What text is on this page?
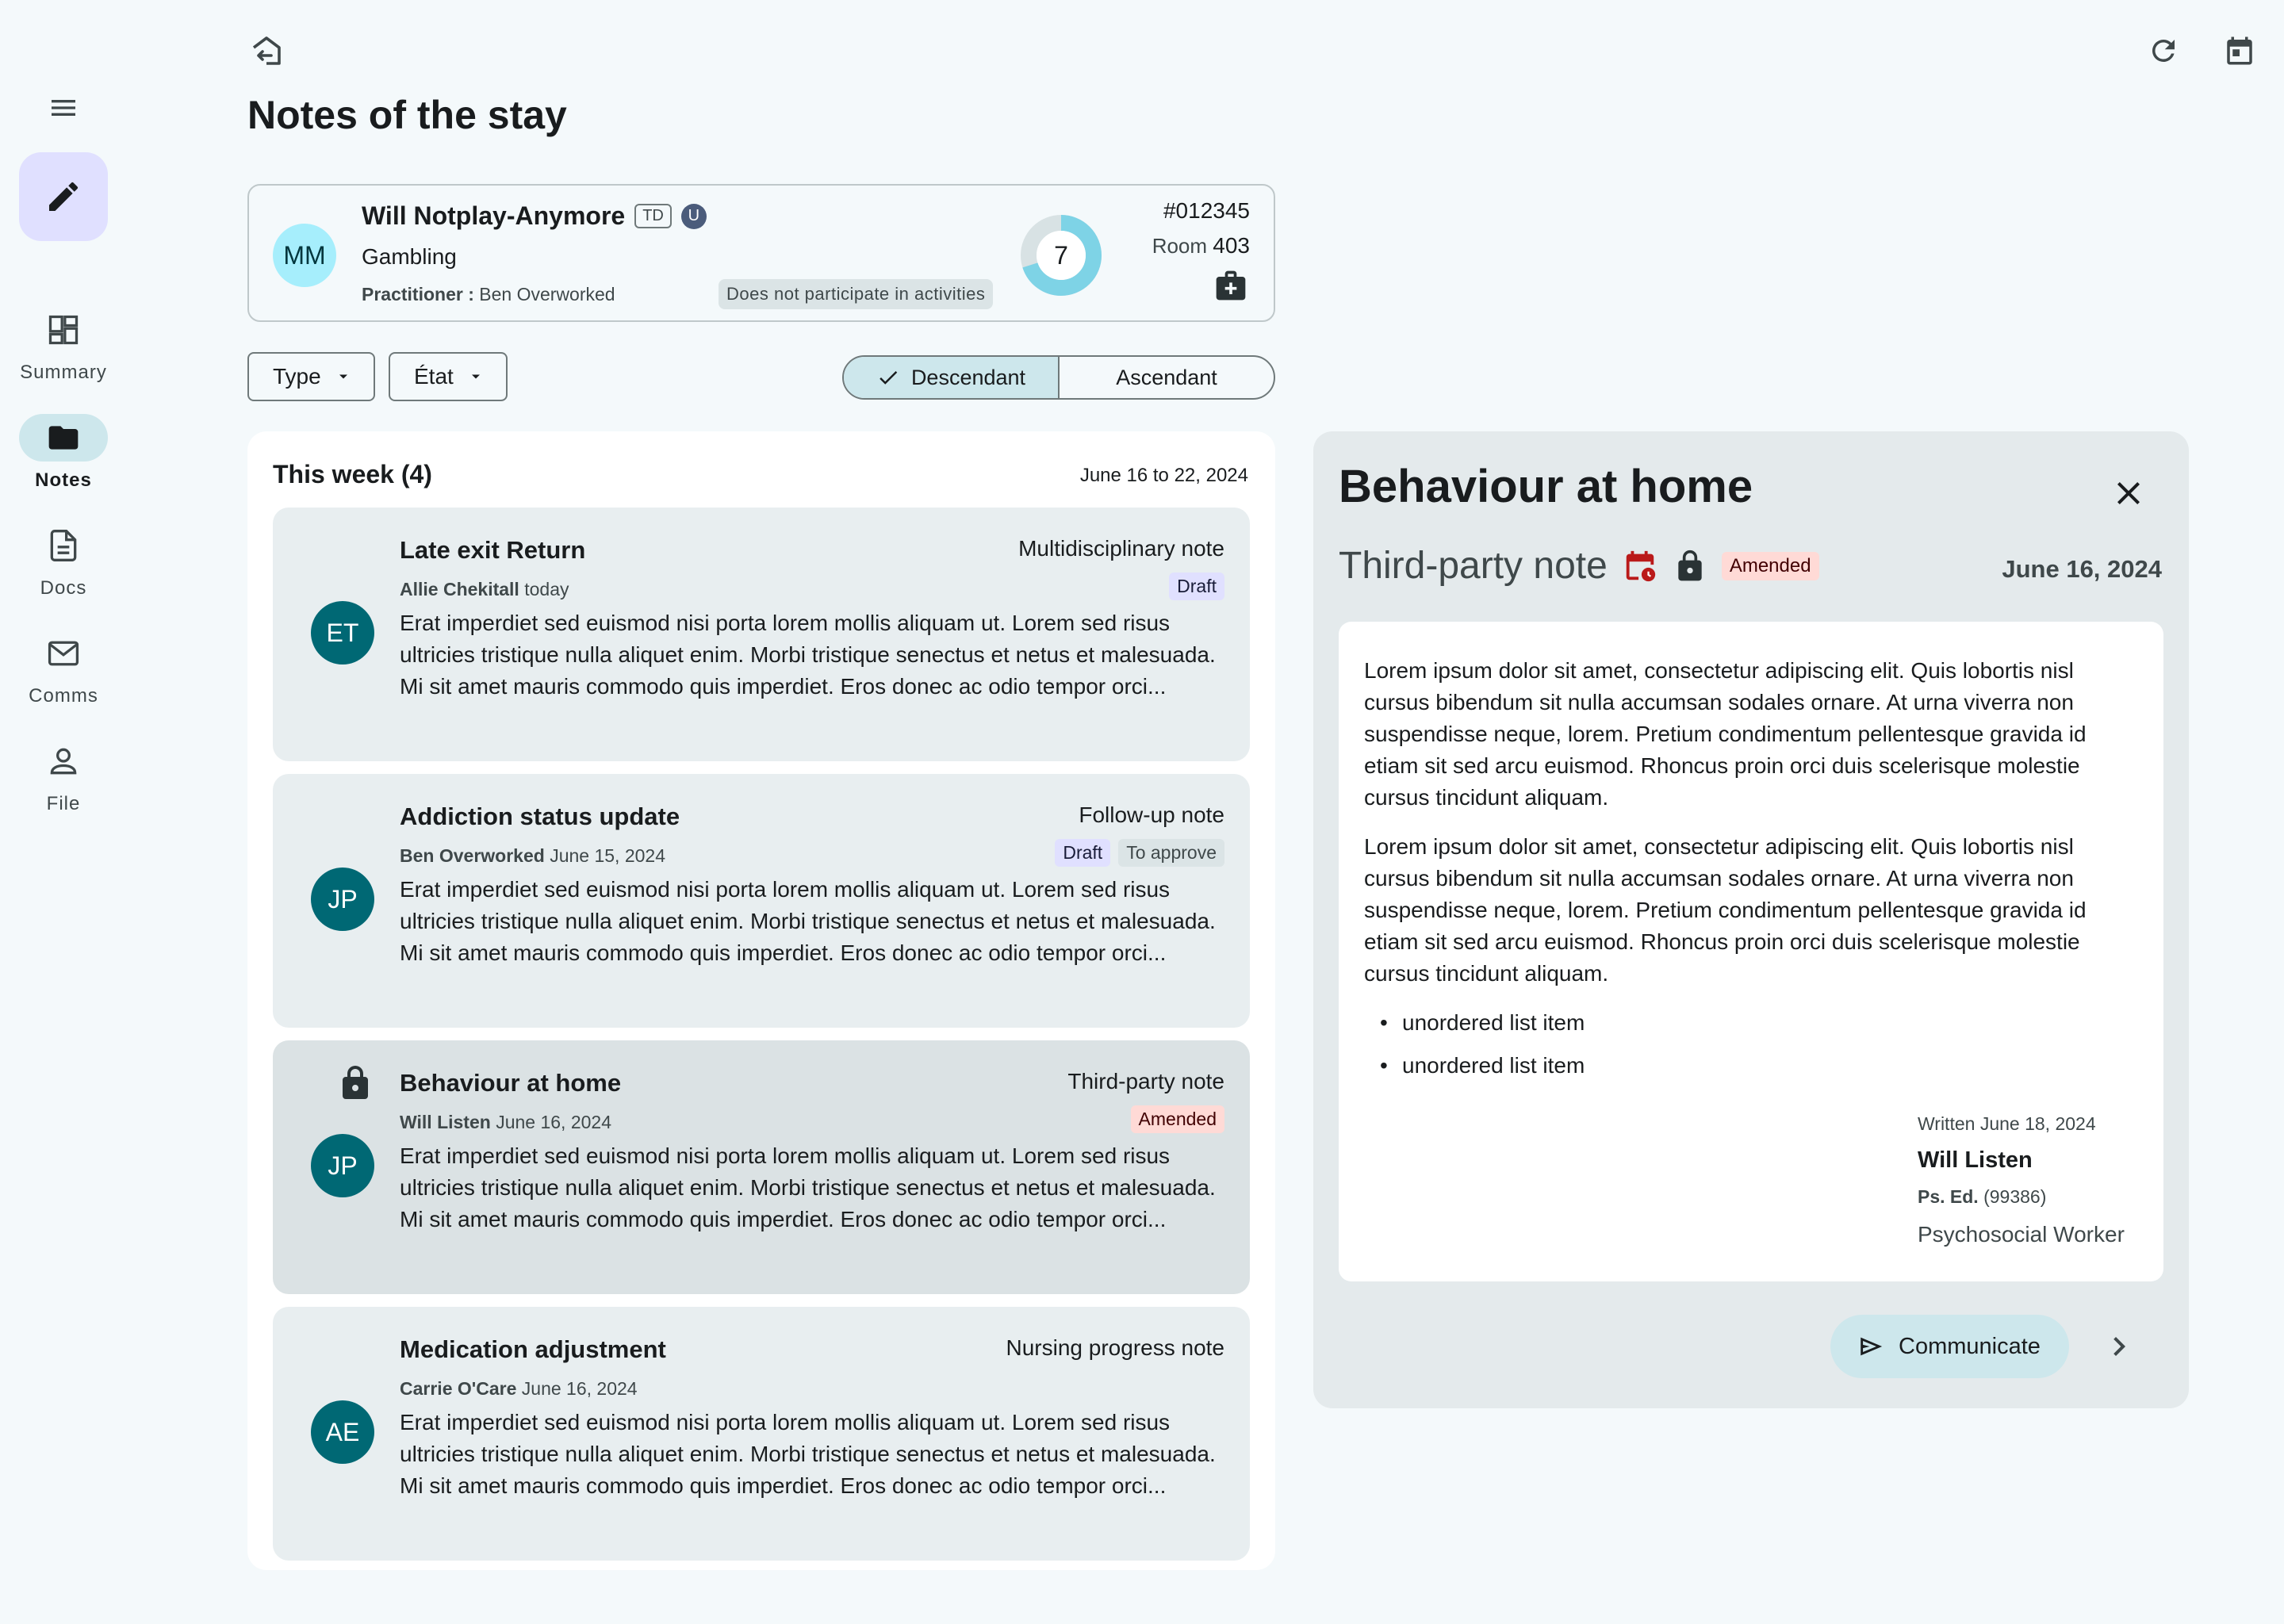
Summary
Notes
Docs
Comms
File
Notes of the stay
MM
Will Notplay-Anymore	TD	U
Gambling
Practitioner : Ben Overworked	Does not participate in activities
7
#012345
Room 403
Type	État	Descendant	Ascendant
This week (4)	June 16 to 22, 2024
ET
Late exit Return	Multidisciplinary note
Allie Chekitall today	Draft
Erat imperdiet sed euismod nisi porta lorem mollis aliquam ut. Lorem sed risus ultricies tristique nulla aliquet enim. Morbi tristique senectus et netus et malesuada. Mi sit amet mauris commodo quis imperdiet. Eros donec ac odio tempor orci...
JP
Addiction status update	Follow-up note
Ben Overworked June 15, 2024	Draft	To approve
Erat imperdiet sed euismod nisi porta lorem mollis aliquam ut. Lorem sed risus ultricies tristique nulla aliquet enim. Morbi tristique senectus et netus et malesuada. Mi sit amet mauris commodo quis imperdiet. Eros donec ac odio tempor orci...
JP
Behaviour at home	Third-party note
Will Listen June 16, 2024	Amended
Erat imperdiet sed euismod nisi porta lorem mollis aliquam ut. Lorem sed risus ultricies tristique nulla aliquet enim. Morbi tristique senectus et netus et malesuada. Mi sit amet mauris commodo quis imperdiet. Eros donec ac odio tempor orci...
AE
Medication adjustment	Nursing progress note
Carrie O'Care June 16, 2024
Erat imperdiet sed euismod nisi porta lorem mollis aliquam ut. Lorem sed risus ultricies tristique nulla aliquet enim. Morbi tristique senectus et netus et malesuada. Mi sit amet mauris commodo quis imperdiet. Eros donec ac odio tempor orci...
Behaviour at home
Third-party note	Amended	June 16, 2024

Lorem ipsum dolor sit amet, consectetur adipiscing elit. Quis lobortis nisl cursus bibendum sit nulla accumsan sodales ornare. At urna viverra non suspendisse neque, lorem. Pretium condimentum pellentesque gravida id etiam sit sed arcu euismod. Rhoncus proin orci duis scelerisque molestie cursus tincidunt aliquam.

Lorem ipsum dolor sit amet, consectetur adipiscing elit. Quis lobortis nisl cursus bibendum sit nulla accumsan sodales ornare. At urna viverra non suspendisse neque, lorem. Pretium condimentum pellentesque gravida id etiam sit sed arcu euismod. Rhoncus proin orci duis scelerisque molestie cursus tincidunt aliquam.

• unordered list item
• unordered list item
Written June 18, 2024
Will Listen
Ps. Ed. (99386)
Psychosocial Worker
Communicate
